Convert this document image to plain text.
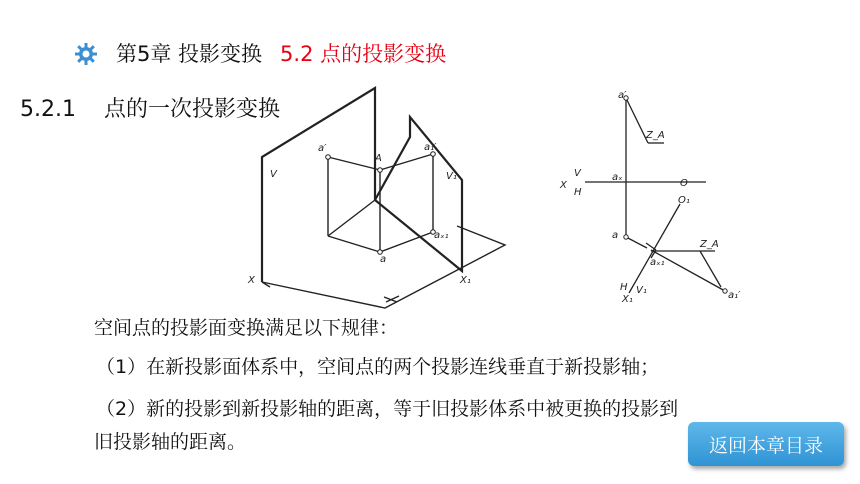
第5章 投影变换 5.2 点的投影变换
5.2.1 点的一次投影变换
V	V₁
A
a′	a₁′
aₓ₁
a
X	X₁
a′
Z_A
X
V
H
aₓ
O
O₁
a
Z_A
aₓ₁
H V₁
X₁	a₁′
空间点的投影面变换满足以下规律：
（1）在新投影面体系中，空间点的两个投影连线垂直于新投影轴；
（2）新的投影到新投影轴的距离，等于旧投影体系中被更换的投影到
旧投影轴的距离。	返回本章目录
